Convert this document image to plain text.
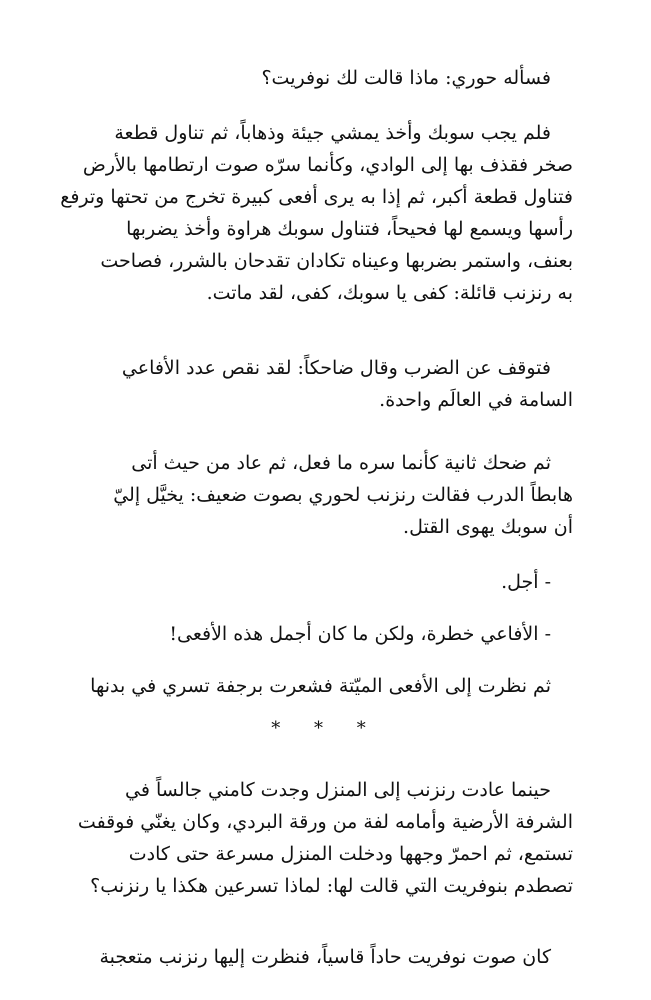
فسأله حوري: ماذا قالت لك نوفريت؟
فلم يجب سوبك وأخذ يمشي جيئة وذهاباً، ثم تناول قطعة
صخر فقذف بها إلى الوادي، وكأنما سرّه صوت ارتطامها بالأرض
فتناول قطعة أكبر، ثم إذا به يرى أفعى كبيرة تخرج من تحتها وترفع
رأسها ويسمع لها فحيحاً، فتناول سوبك هراوة وأخذ يضربها
بعنف، واستمر بضربها وعيناه تكادان تقدحان بالشرر، فصاحت
به رنزنب قائلة: كفى يا سوبك، كفى، لقد ماتت.
فتوقف عن الضرب وقال ضاحكاً: لقد نقص عدد الأفاعي
السامة في العالَم واحدة.
ثم ضحك ثانية كأنما سره ما فعل، ثم عاد من حيث أتى
هابطاً الدرب فقالت رنزنب لحوري بصوت ضعيف: يخيَّل إليّ
أن سوبك يهوى القتل.
- أجل.
- الأفاعي خطرة، ولكن ما كان أجمل هذه الأفعى!
ثم نظرت إلى الأفعى الميّتة فشعرت برجفة تسري في بدنها
* * *
حينما عادت رنزنب إلى المنزل وجدت كامني جالساً في
الشرفة الأرضية وأمامه لفة من ورقة البردي، وكان يغنّي فوقفت
تستمع، ثم احمرّ وجهها ودخلت المنزل مسرعة حتى كادت
تصطدم بنوفريت التي قالت لها: لماذا تسرعين هكذا يا رنزنب؟
كان صوت نوفريت حاداً قاسياً، فنظرت إليها رنزنب متعجبة
